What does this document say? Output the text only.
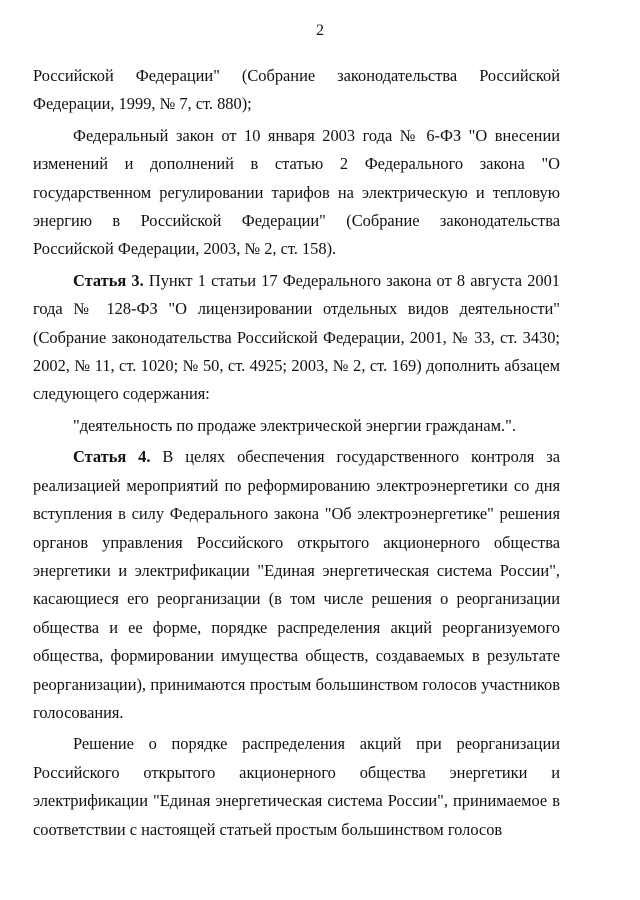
2

Российской Федерации" (Собрание законодательства Российской Федерации, 1999, № 7, ст. 880);

Федеральный закон от 10 января 2003 года № 6-ФЗ "О внесении изменений и дополнений в статью 2 Федерального закона "О государственном регулировании тарифов на электрическую и тепловую энергию в Российской Федерации" (Собрание законодательства Российской Федерации, 2003, № 2, ст. 158).

Статья 3. Пункт 1 статьи 17 Федерального закона от 8 августа 2001 года № 128-ФЗ "О лицензировании отдельных видов деятельности" (Собрание законодательства Российской Федерации, 2001, № 33, ст. 3430; 2002, № 11, ст. 1020; № 50, ст. 4925; 2003, № 2, ст. 169) дополнить абзацем следующего содержания:

"деятельность по продаже электрической энергии гражданам.".

Статья 4. В целях обеспечения государственного контроля за реализацией мероприятий по реформированию электроэнергетики со дня вступления в силу Федерального закона "Об электроэнергетике" решения органов управления Российского открытого акционерного общества энергетики и электрификации "Единая энергетическая система России", касающиеся его реорганизации (в том числе решения о реорганизации общества и ее форме, порядке распределения акций реорганизуемого общества, формировании имущества обществ, создаваемых в результате реорганизации), принимаются простым большинством голосов участников голосования.

Решение о порядке распределения акций при реорганизации Российского открытого акционерного общества энергетики и электрификации "Единая энергетическая система России", принимаемое в соответствии с настоящей статьей простым большинством голосов
